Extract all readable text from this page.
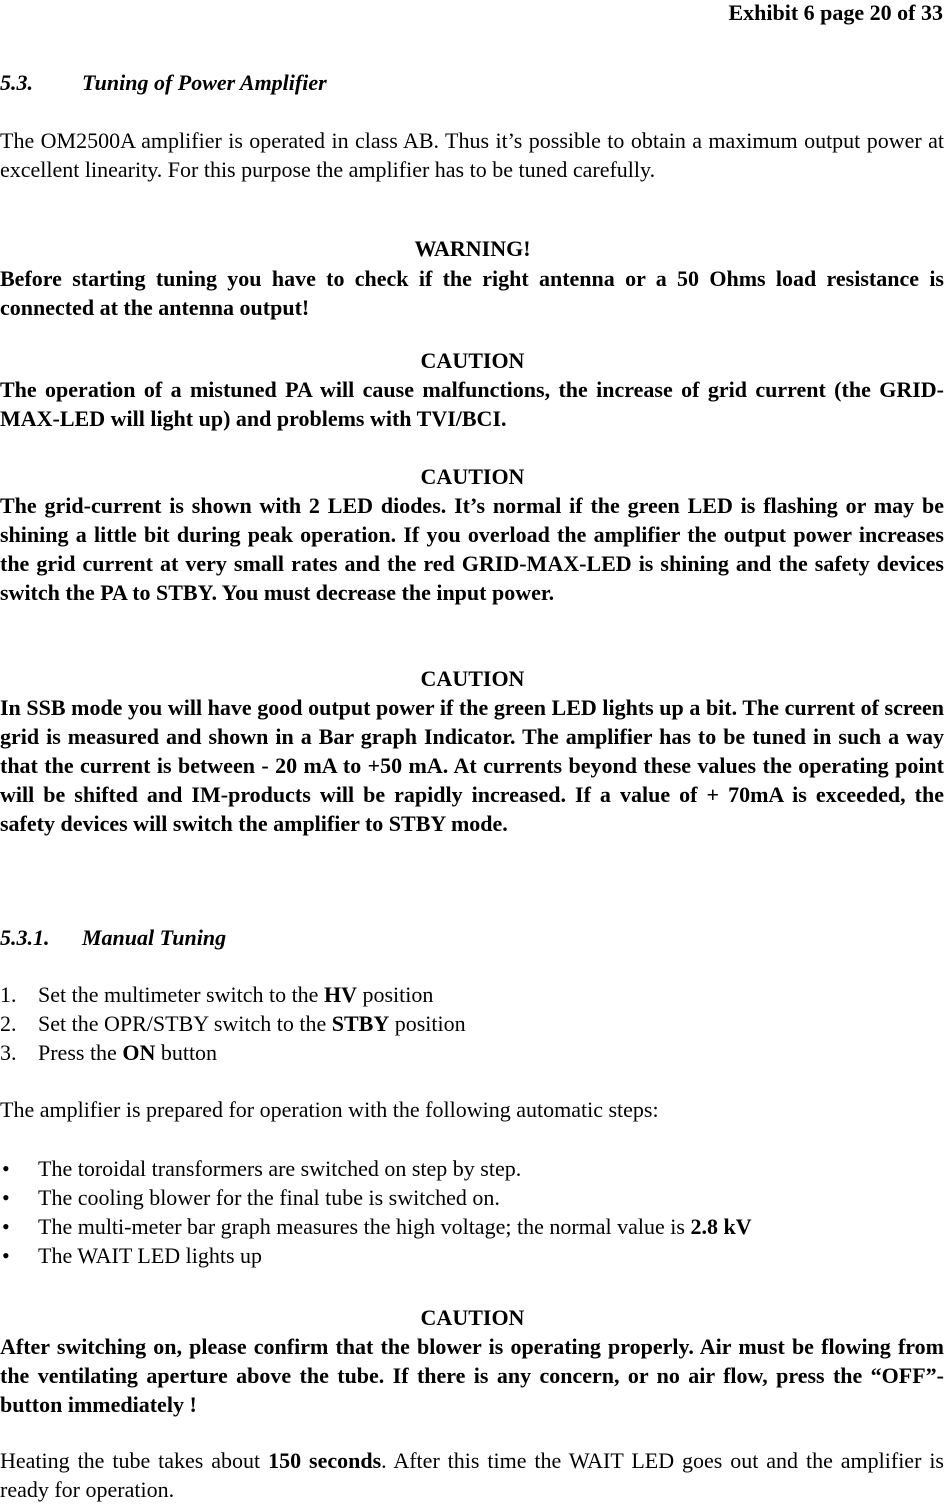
Exhibit 6 page 20 of 33
5.3. Tuning of Power Amplifier
The OM2500A amplifier is operated in class AB. Thus it’s possible to obtain a maximum output power at excellent linearity. For this purpose the amplifier has to be tuned carefully.
WARNING!
Before starting tuning you have to check if the right antenna or a 50 Ohms load resistance is connected at the antenna output!
CAUTION
The operation of a mistuned PA will cause malfunctions, the increase of grid current (the GRID-MAX-LED will light up) and problems with TVI/BCI.
CAUTION
The grid-current is shown with 2 LED diodes. It’s normal if the green LED is flashing or may be shining a little bit during peak operation. If you overload the amplifier the output power increases the grid current at very small rates and the red GRID-MAX-LED is shining and the safety devices switch the PA to STBY. You must decrease the input power.
CAUTION
In SSB mode you will have good output power if the green LED lights up a bit. The current of screen grid is measured and shown in a Bar graph Indicator. The amplifier has to be tuned in such a way that the current is between - 20 mA to +50 mA. At currents beyond these values the operating point will be shifted and IM-products will be rapidly increased. If a value of + 70mA is exceeded, the safety devices will switch the amplifier to STBY mode.
5.3.1. Manual Tuning
1. Set the multimeter switch to the HV position
2. Set the OPR/STBY switch to the STBY position
3. Press the ON button
The amplifier is prepared for operation with the following automatic steps:
• The toroidal transformers are switched on step by step.
• The cooling blower for the final tube is switched on.
• The multi-meter bar graph measures the high voltage; the normal value is 2.8 kV
• The WAIT LED lights up
CAUTION
After switching on, please confirm that the blower is operating properly. Air must be flowing from the ventilating aperture above the tube. If there is any concern, or no air flow, press the “OFF”-button immediately !
Heating the tube takes about 150 seconds. After this time the WAIT LED goes out and the amplifier is ready for operation.
